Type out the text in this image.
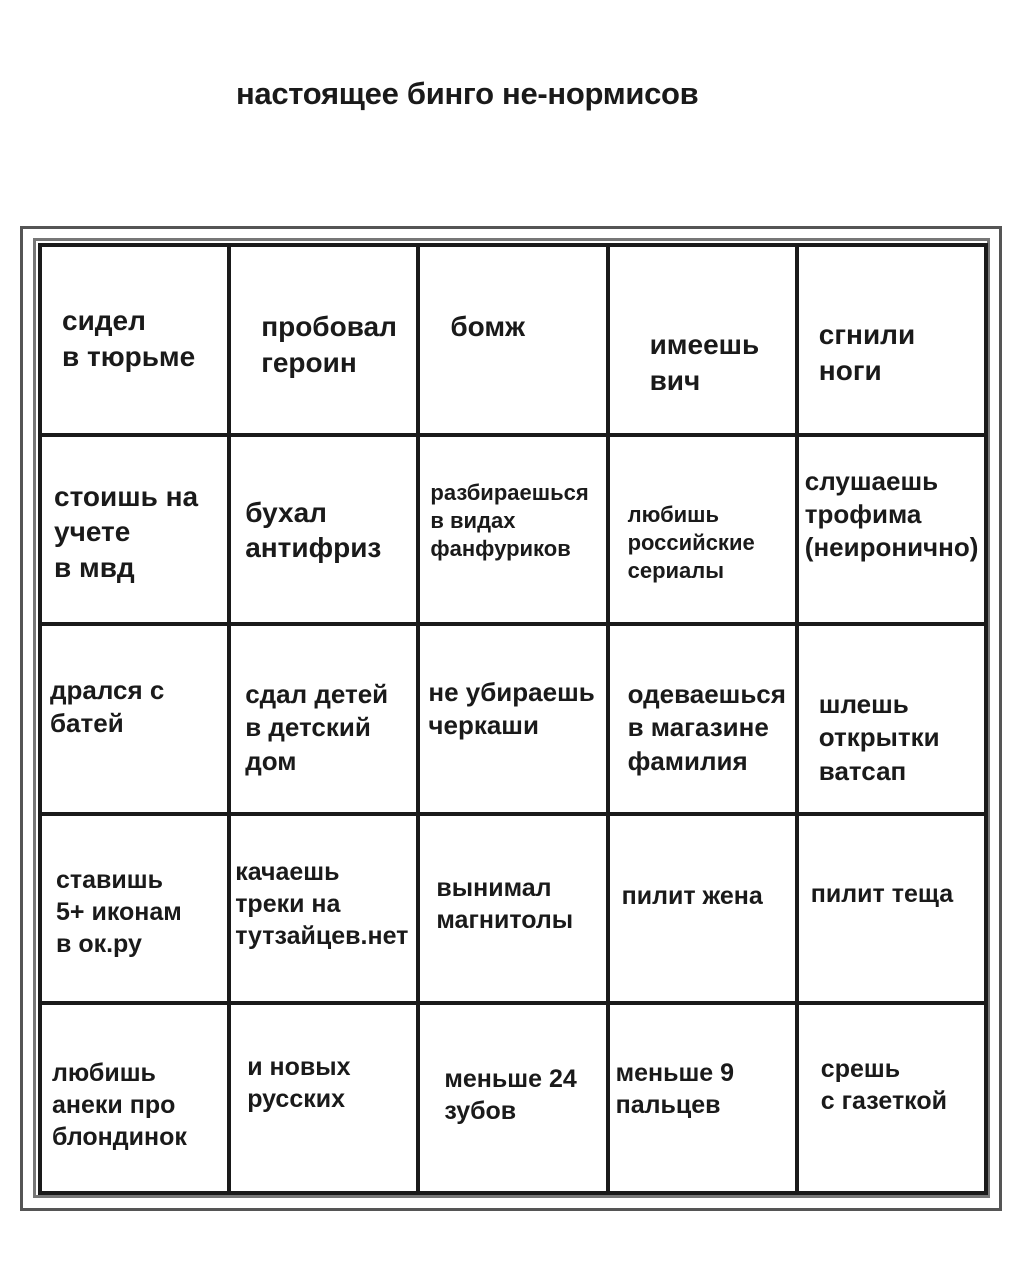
настоящее бинго не-нормисов
сидел
в тюрьме
пробовал
героин
бомж
имеешь
вич
сгнили
ноги
стоишь на
учете
в мвд
бухал
антифриз
разбираешься
в видах
фанфуриков
любишь
российские
сериалы
слушаешь
трофима
(неиронично)
дрался с
батей
сдал детей
в детский
дом
не убираешь
черкаши
одеваешься
в магазине
фамилия
шлешь
открытки
ватсап
ставишь
5+ иконам
в ок.ру
качаешь
треки на
тутзайцев.нет
вынимал
магнитолы
пилит жена пилит теща
любишь
анеки про
блондинок
и новых
русских
меньше 24
зубов
меньше 9
пальцев
срешь
с газеткой
